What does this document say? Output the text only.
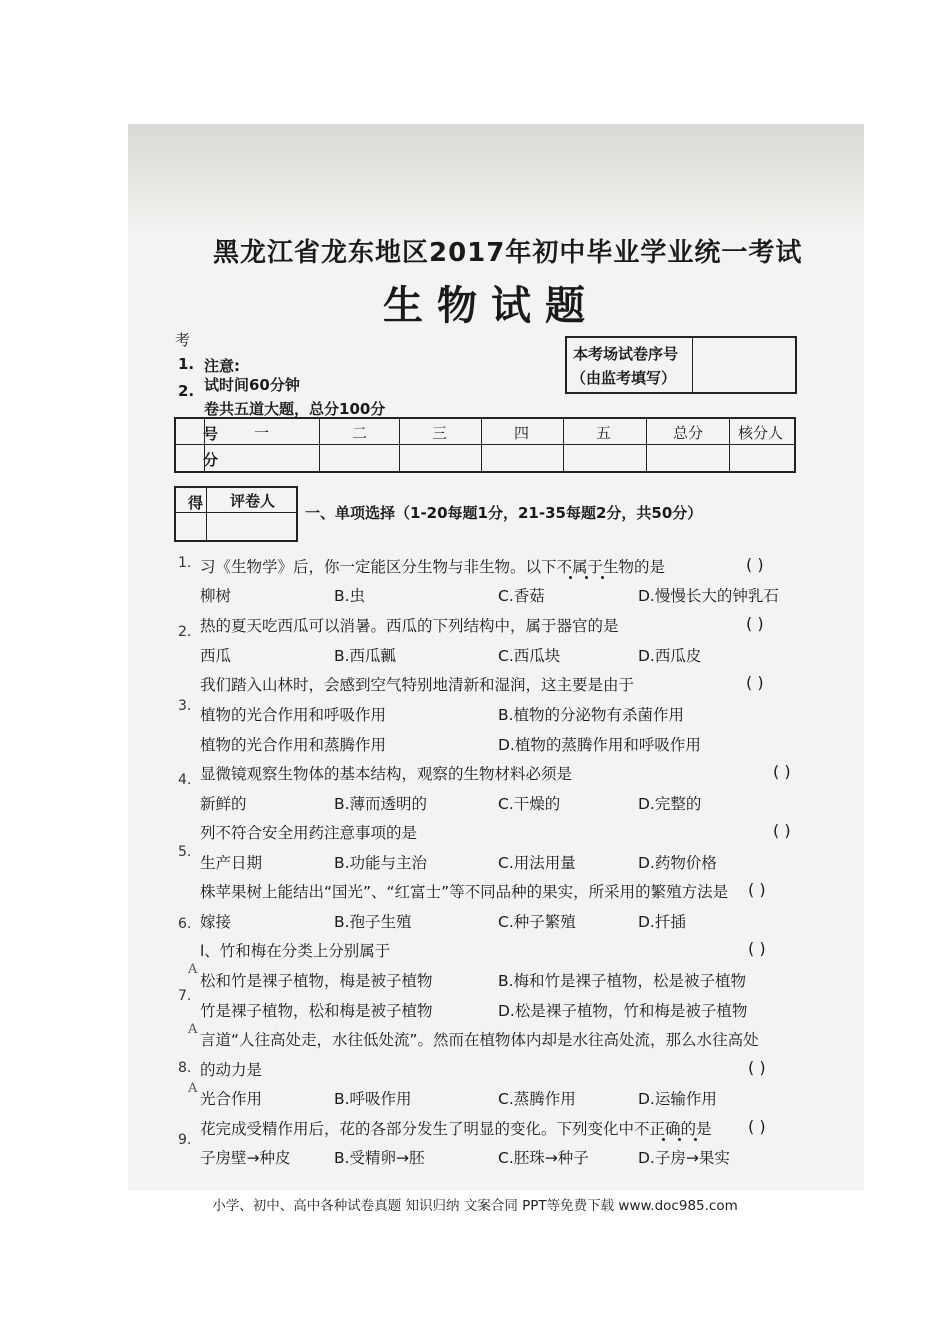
黑龙江省龙东地区2017年初中毕业学业统一考试
生物试题
考
1. 注意:
2. 试时间60分钟
卷共五道大题，总分100分
本考场试卷序号
（由监考填写）
号
分
一	二	三	四	五	总分 核分人
得 评卷人
一、单项选择（1-20每题1分，21-35每题2分，共50分）
1. 习《生物学》后，你一定能区分生物与非生物。以下不属于生物的是	( )
柳树	B.虫	C.香菇	D.慢慢长大的钟乳石
2. 热的夏天吃西瓜可以消暑。西瓜的下列结构中，属于器官的是	( )
西瓜	B.西瓜瓤	C.西瓜块	D.西瓜皮
我们踏入山林时，会感到空气特别地清新和湿润，这主要是由于	( )
3. 植物的光合作用和呼吸作用	B.植物的分泌物有杀菌作用
植物的光合作用和蒸腾作用	D.植物的蒸腾作用和呼吸作用
显微镜观察生物体的基本结构，观察的生物材料必须是	( )
4.
新鲜的	B.薄而透明的	C.干燥的	D.完整的
列不符合安全用药注意事项的是	( )
5.
生产日期	B.功能与主治	C.用法用量	D.药物价格
株苹果树上能结出“国光”、“红富士”等不同品种的果实，所采用的繁殖方法是 ( )
嫁接	B.孢子生殖	C.种子繁殖	D.扦插
6.
l、竹和梅在分类上分别属于	( )
松和竹是裸子植物，梅是被子植物	B.梅和竹是裸子植物，松是被子植物
7.
竹是裸子植物，松和梅是被子植物	D.松是裸子植物，竹和梅是被子植物
言道“人往高处走，水往低处流”。然而在植物体内却是水往高处流，那么水往高处
8. 的动力是	( )
光合作用	B.呼吸作用	C.蒸腾作用	D.运输作用
花完成受精作用后，花的各部分发生了明显的变化。下列变化中不正确的是 ( )
子房壁→种皮	B.受精卵→胚	C.胚珠→种子	D.子房→果实
9.
A
A
A
小学、初中、高中各种试卷真题 知识归纳 文案合同 PPT等免费下载 www.doc985.com
